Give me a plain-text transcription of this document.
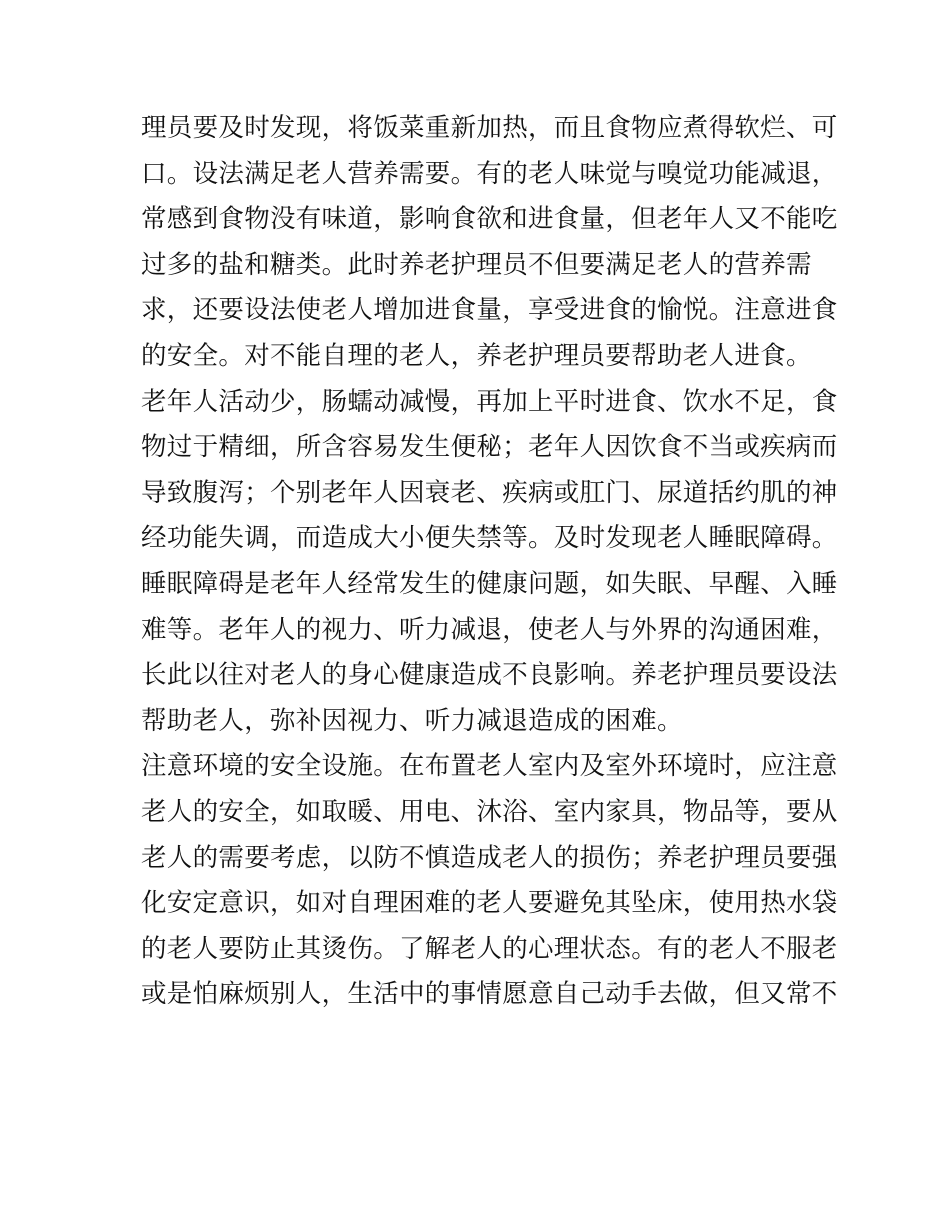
理员要及时发现，将饭菜重新加热，而且食物应煮得软烂、可
口。设法满足老人营养需要。有的老人味觉与嗅觉功能减退，
常感到食物没有味道，影响食欲和进食量，但老年人又不能吃
过多的盐和糖类。此时养老护理员不但要满足老人的营养需
求，还要设法使老人增加进食量，享受进食的愉悦。注意进食
的安全。对不能自理的老人，养老护理员要帮助老人进食。
老年人活动少，肠蠕动减慢，再加上平时进食、饮水不足，食
物过于精细，所含容易发生便秘；老年人因饮食不当或疾病而
导致腹泻；个别老年人因衰老、疾病或肛门、尿道括约肌的神
经功能失调，而造成大小便失禁等。及时发现老人睡眠障碍。
睡眠障碍是老年人经常发生的健康问题，如失眠、早醒、入睡
难等。老年人的视力、听力减退，使老人与外界的沟通困难，
长此以往对老人的身心健康造成不良影响。养老护理员要设法
帮助老人，弥补因视力、听力减退造成的困难。
注意环境的安全设施。在布置老人室内及室外环境时，应注意
老人的安全，如取暖、用电、沐浴、室内家具，物品等，要从
老人的需要考虑，以防不慎造成老人的损伤；养老护理员要强
化安定意识，如对自理困难的老人要避免其坠床，使用热水袋
的老人要防止其烫伤。了解老人的心理状态。有的老人不服老
或是怕麻烦别人，生活中的事情愿意自己动手去做，但又常不
